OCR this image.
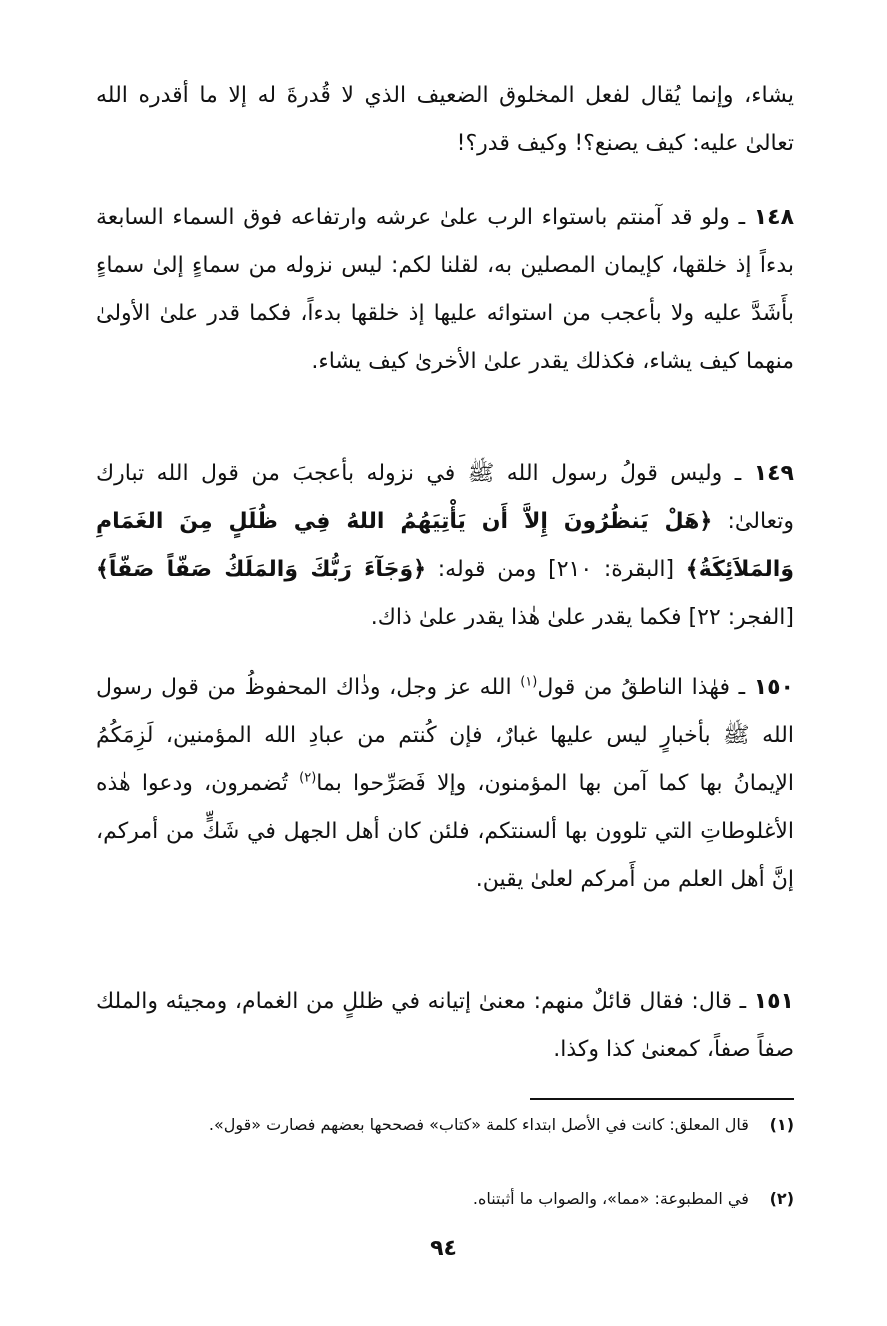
يشاء، وإنما يُقال لفعل المخلوق الضعيف الذي لا قُدرةَ له إلا ما أقدره الله تعالىٰ عليه: كيف يصنع؟! وكيف قدر؟!

١٤٨ ـ ولو قد آمنتم باستواء الرب علىٰ عرشه وارتفاعه فوق السماء السابعة بدءاً إذ خلقها، كإيمان المصلين به، لقلنا لكم: ليس نزوله من سماءٍ إلىٰ سماءٍ بأَشَدَّ عليه ولا بأعجب من استوائه عليها إذ خلقها بدءاً، فكما قدر علىٰ الأولىٰ منهما كيف يشاء، فكذلك يقدر علىٰ الأخرىٰ كيف يشاء.

١٤٩ ـ وليس قولُ رسول الله ﷺ في نزوله بأعجبَ من قول الله تبارك وتعالىٰ: ﴿هَلْ يَنظُرُونَ إِلاَّ أَن يَأْتِيَهُمُ اللهُ فِي ظُلَلٍ مِنَ الغَمَامِ وَالمَلاَئِكَةُ﴾ [البقرة: ٢١٠] ومن قوله: ﴿وَجَآءَ رَبُّكَ وَالمَلَكُ صَفّاً صَفّاً﴾ [الفجر: ٢٢] فكما يقدر علىٰ هٰذا يقدر علىٰ ذاك.

١٥٠ ـ فهٰذا الناطقُ من قول$^{(١)}$ الله عز وجل، وذٰاك المحفوظُ من قول رسول الله ﷺ بأخبارٍ ليس عليها غبارٌ، فإن كُنتم من عبادِ الله المؤمنين، لَزِمَكُمُ الإيمانُ بها كما آمن بها المؤمنون، وإلا فَصَرِّحوا بما$^{(٢)}$ تُضمرون، ودعوا هٰذه الأغلوطاتِ التي تلوون بها ألسنتكم، فلئن كان أهل الجهل في شَكٍّ من أمركم، إنَّ أهل العلم من أَمركم لعلىٰ يقين.

١٥١ ـ قال: فقال قائلٌ منهم: معنىٰ إتيانه في ظللٍ من الغمام، ومجيئه والملك صفاً صفاً، كمعنىٰ كذا وكذا.

(١) قال المعلق: كانت في الأصل ابتداء كلمة «كتاب» فصححها بعضهم فصارت «قول».

(٢) في المطبوعة: «مما»، والصواب ما أثبتناه.

٩٤
